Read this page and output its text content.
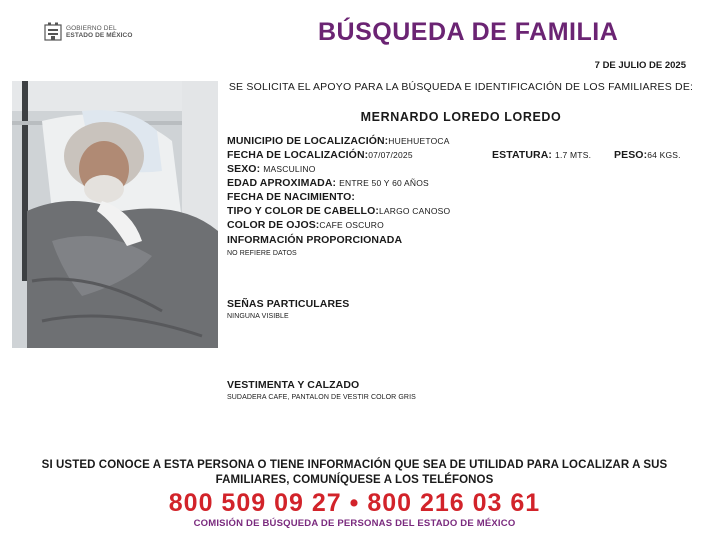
GOBIERNO DEL
ESTADO DE MÉXICO	BÚSQUEDA DE FAMILIA
7 DE JULIO DE 2025
SE SOLICITA EL APOYO PARA LA BÚSQUEDA E IDENTIFICACIÓN DE LOS FAMILIARES DE:
MERNARDO LOREDO LOREDO
MUNICIPIO DE LOCALIZACIÓN:HUEHUETOCA
FECHA DE LOCALIZACIÓN:07/07/2025	ESTATURA: 1.7 MTS. PESO:64 KGS.
SEXO: MASCULINO
EDAD APROXIMADA: ENTRE 50 Y 60 AÑOS
FECHA DE NACIMIENTO:
TIPO Y COLOR DE CABELLO:LARGO CANOSO
COLOR DE OJOS:CAFE OSCURO
INFORMACIÓN PROPORCIONADA
NO REFIERE DATOS
SEÑAS PARTICULARES
NINGUNA VISIBLE
VESTIMENTA Y CALZADO
SUDADERA CAFE, PANTALON DE VESTIR COLOR GRIS
SI USTED CONOCE A ESTA PERSONA O TIENE INFORMACIÓN QUE SEA DE UTILIDAD PARA LOCALIZAR A SUS
FAMILIARES, COMUNÍQUESE A LOS TELÉFONOS
800 509 09 27 • 800 216 03 61
COMISIÓN DE BÚSQUEDA DE PERSONAS DEL ESTADO DE MÉXICO
